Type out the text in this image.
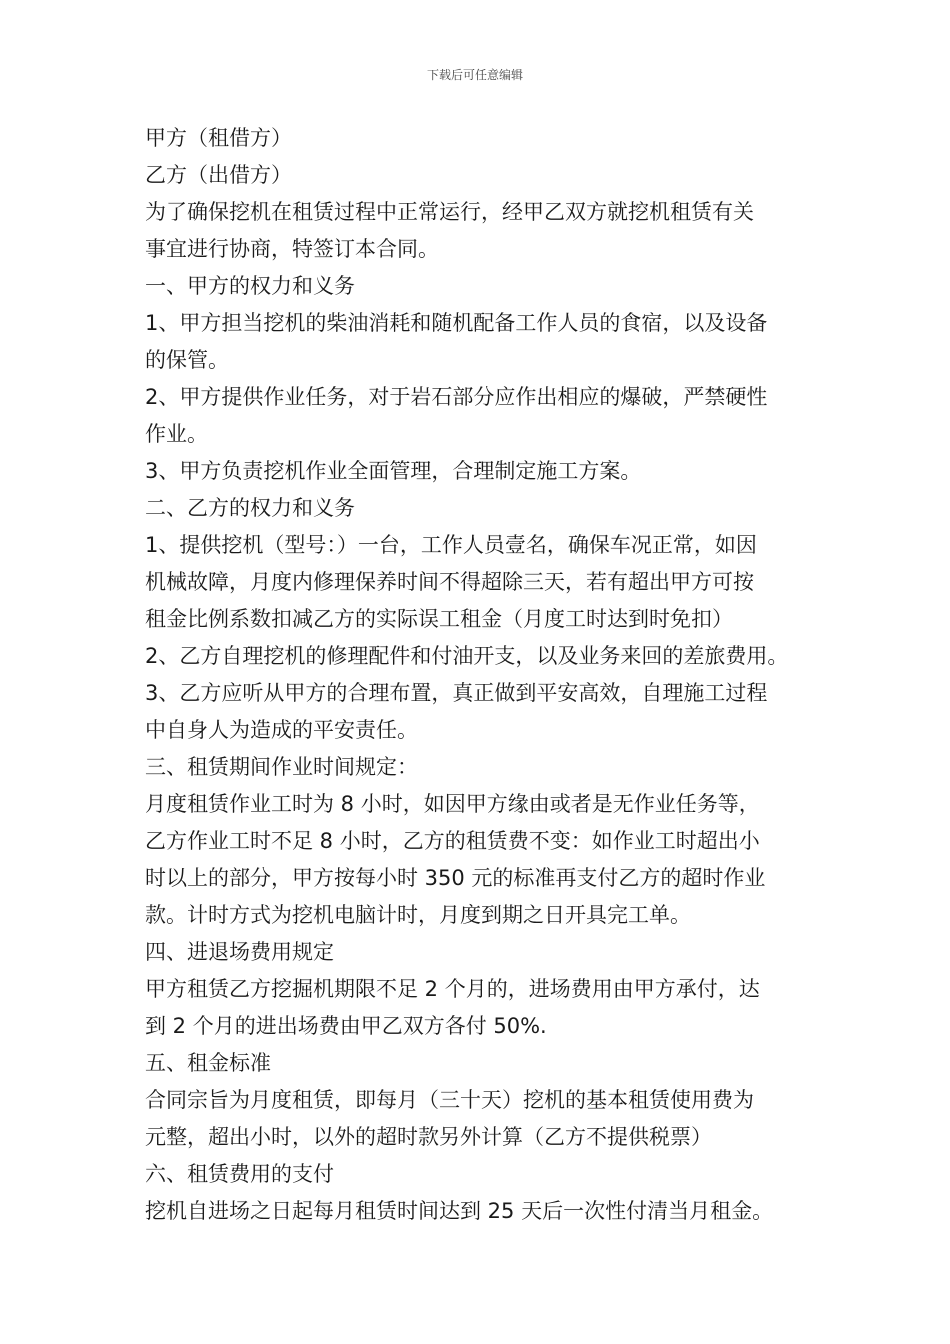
下载后可任意编辑
甲方（租借方）
乙方（出借方）
为了确保挖机在租赁过程中正常运行，经甲乙双方就挖机租赁有关
事宜进行协商，特签订本合同。
一、甲方的权力和义务
1、甲方担当挖机的柴油消耗和随机配备工作人员的食宿，以及设备
的保管。
2、甲方提供作业任务，对于岩石部分应作出相应的爆破，严禁硬性
作业。
3、甲方负责挖机作业全面管理，合理制定施工方案。
二、乙方的权力和义务
1、提供挖机（型号：）一台，工作人员壹名，确保车况正常，如因
机械故障，月度内修理保养时间不得超除三天，若有超出甲方可按
租金比例系数扣减乙方的实际误工租金（月度工时达到时免扣）
2、乙方自理挖机的修理配件和付油开支，以及业务来回的差旅费用。
3、乙方应听从甲方的合理布置，真正做到平安高效，自理施工过程
中自身人为造成的平安责任。
三、租赁期间作业时间规定：
月度租赁作业工时为 8 小时，如因甲方缘由或者是无作业任务等，
乙方作业工时不足 8 小时，乙方的租赁费不变：如作业工时超出小
时以上的部分，甲方按每小时 350 元的标准再支付乙方的超时作业
款。计时方式为挖机电脑计时，月度到期之日开具完工单。
四、进退场费用规定
甲方租赁乙方挖掘机期限不足 2 个月的，进场费用由甲方承付，达
到 2 个月的进出场费由甲乙双方各付 50%.
五、租金标准
合同宗旨为月度租赁，即每月（三十天）挖机的基本租赁使用费为
元整，超出小时，以外的超时款另外计算（乙方不提供税票）
六、租赁费用的支付
挖机自进场之日起每月租赁时间达到 25 天后一次性付清当月租金。
